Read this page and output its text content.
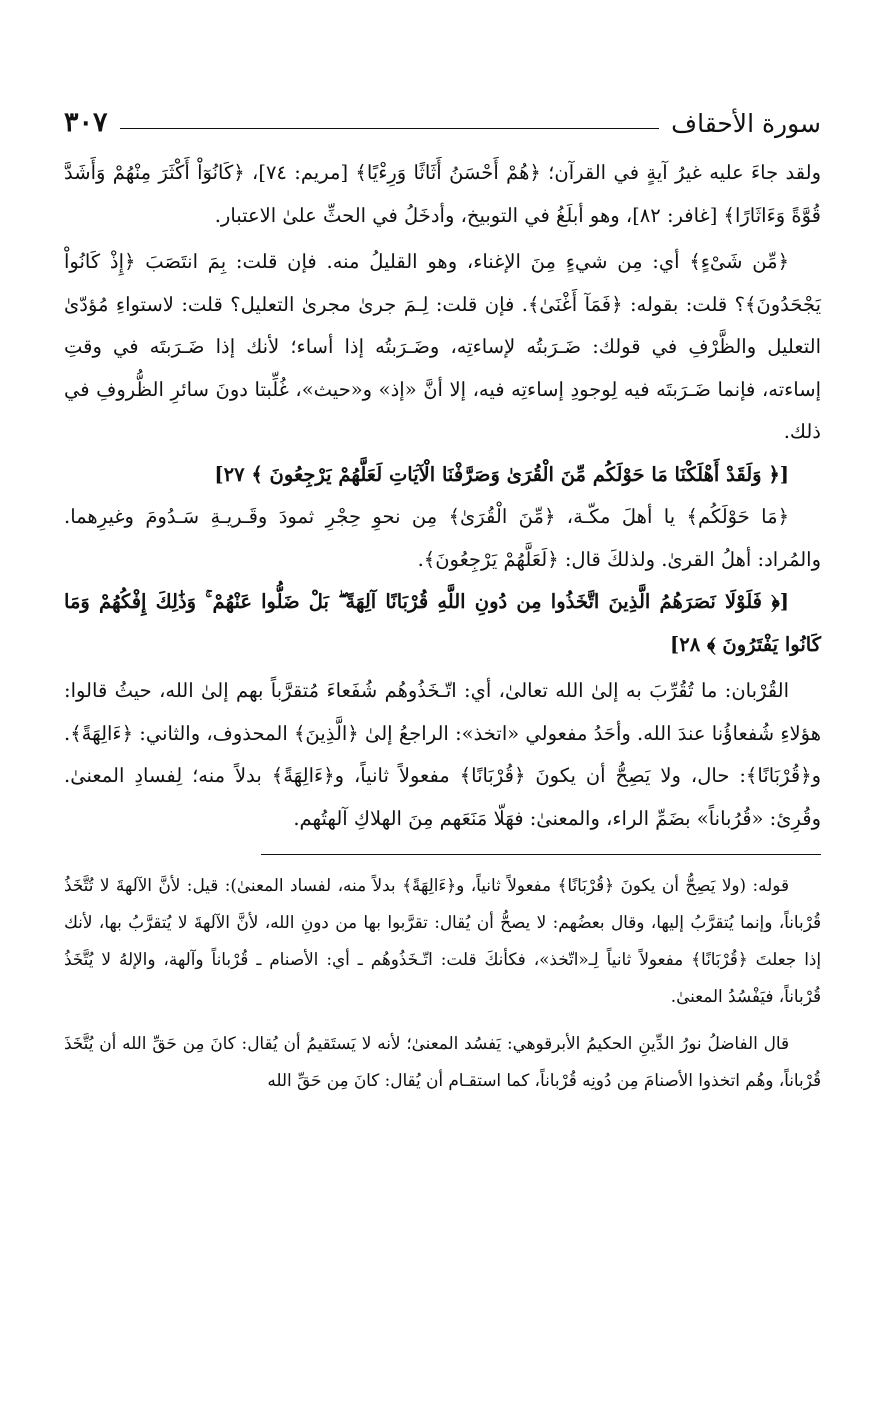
سورة الأحقاف
٣٠٧

ولقد جاءَ عليه غيرُ آيةٍ في القرآن؛ ﴿هُمْ أَحْسَنُ أَثَاثًا وَرِءْيًا﴾ [مريم: ٧٤]، ﴿كَانُوٓاْ أَكْثَرَ مِنْهُمْ وَأَشَدَّ قُوَّةً وَءَاثَارًا﴾ [غافر: ٨٢]، وهو أبلَغُ في التوبيخ، وأدخَلُ في الحثِّ علىٰ الاعتبار.

﴿مِّن شَىْءٍ﴾ أي: مِن شيءٍ مِنَ الإغناء، وهو القليلُ منه. فإن قلت: بِمَ انتَصَبَ ﴿إِذْ كَانُواْ يَجْحَدُونَ﴾؟ قلت: بقوله: ﴿فَمَآ أَغْنَىٰ﴾. فإن قلت: لِـمَ جرىٰ مجرىٰ التعليل؟ قلت: لاستواءِ مُؤدّىٰ التعليل والظَّرْفِ في قولك: ضَـرَبتُه لإساءتِه، وضَـرَبتُه إذا أساء؛ لأنك إذا ضَـرَبتَه في وقتِ إساءته، فإنما ضَـرَبتَه فيه لِوجودِ إساءتِه فيه، إلا أنَّ «إذ» و«حيث»، غُلِّبتا دونَ سائرِ الظُّروفِ في ذلك.

[﴿ وَلَقَدْ أَهْلَكْنَا مَا حَوْلَكُم مِّنَ الْقُرَىٰ وَصَرَّفْنَا الْآيَاتِ لَعَلَّهُمْ يَرْجِعُونَ ﴾ ٢٧]

﴿مَا حَوْلَكُم﴾ يا أهلَ مكّـة، ﴿مِّنَ الْقُرَىٰ﴾ مِن نحوِ حِجْرِ ثمودَ وقَـريـةِ سَـدُومَ وغيرِهما. والمُراد: أهلُ القرىٰ. ولذلكَ قال: ﴿لَعَلَّهُمْ يَرْجِعُونَ﴾.

[﴿ فَلَوْلَا نَصَرَهُمُ الَّذِينَ اتَّخَذُوا مِن دُونِ اللَّهِ قُرْبَانًا آلِهَةً ۖ بَلْ ضَلُّوا عَنْهُمْ ۚ وَذَٰلِكَ إِفْكُهُمْ وَمَا كَانُوا يَفْتَرُونَ ﴾ ٢٨]

القُرْبان: ما تُقُرِّبَ به إلىٰ الله تعالىٰ، أي: اتّـخَذُوهُم شُفَعاءَ مُتقرَّباً بهم إلىٰ الله، حيثُ قالوا: هؤلاءِ شُفعاؤُنا عندَ الله. وأحَدُ مفعولي «اتخذ»: الراجعُ إلىٰ ﴿الَّذِينَ﴾ المحذوف، والثاني: ﴿ءَالِهَةً﴾. و﴿قُرْبَانًا﴾: حال، ولا يَصِحُّ أن يكونَ ﴿قُرْبَانًا﴾ مفعولاً ثانياً، و﴿ءَالِهَةً﴾ بدلاً منه؛ لِفسادِ المعنىٰ. وقُرِئ: «قُرُباناً» بضَمِّ الراء، والمعنىٰ: فهَلّا مَنَعَهم مِنَ الهلاكِ آلهتُهم.

قوله: (ولا يَصِحُّ أن يكونَ ﴿قُرْبَانًا﴾ مفعولاً ثانياً، و﴿ءَالِهَةً﴾ بدلاً منه، لفساد المعنىٰ): قيل: لأنَّ الآلهةَ لا تُتَّخَذُ قُرْباناً، وإنما يُتقرَّبُ إليها، وقال بعضُهم: لا يصحُّ أن يُقال: تقرَّبوا بها من دونِ الله، لأنَّ الآلهةَ لا يُتقرَّبُ بها، لأنك إذا جعلتَ ﴿قُرْبَانًا﴾ مفعولاً ثانياً لِـ«اتّخذ»، فكأنكَ قلت: اتّـخَذُوهُم ـ أي: الأصنام ـ قُرْباناً وآلهة، والإلهُ لا يُتَّخَذُ قُرْباناً، فيَفْسُدُ المعنىٰ.

قال الفاضلُ نورُ الدِّينِ الحكيمُ الأبرقوهي: يَفسُد المعنىٰ؛ لأنه لا يَستَقيمُ أن يُقال: كانَ مِن حَقِّ الله أن يُتَّخَذَ قُرْباناً، وهُم اتخذوا الأصنامَ مِن دُونِه قُرْباناً، كما استقـام أن يُقال: كانَ مِن حَقِّ الله
